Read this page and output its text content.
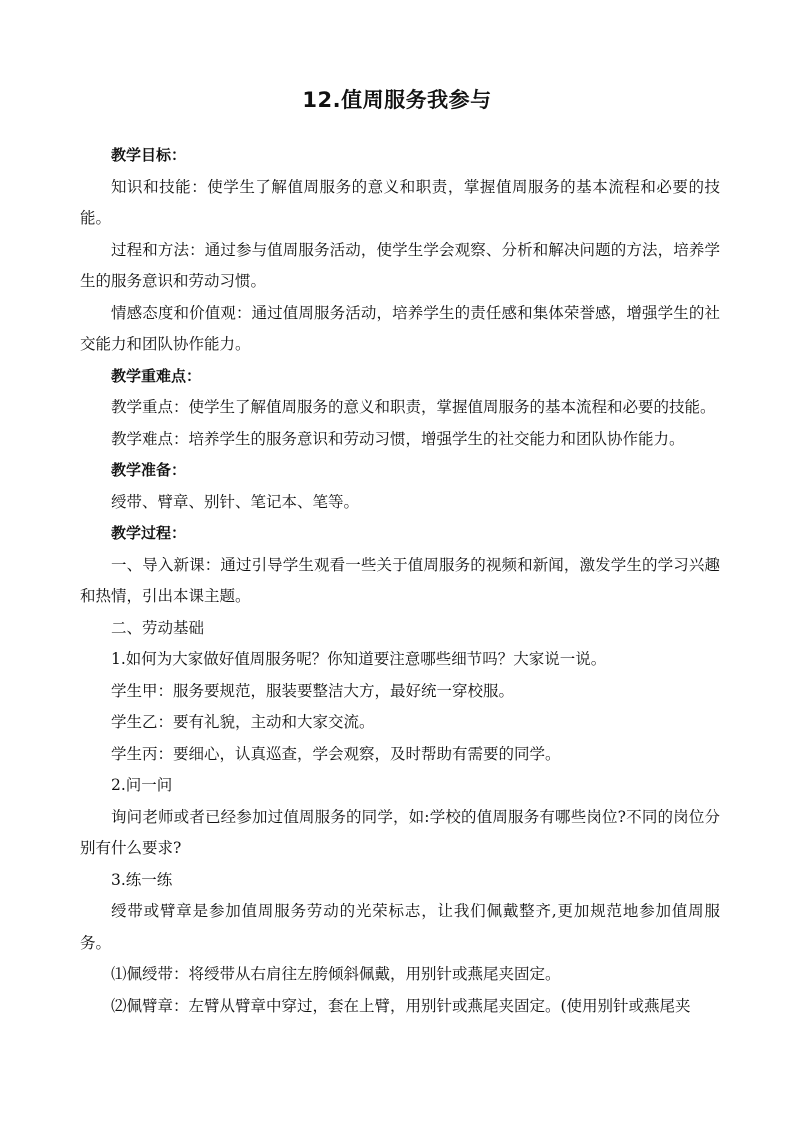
12.值周服务我参与

教学目标：

知识和技能：使学生了解值周服务的意义和职责，掌握值周服务的基本流程和必要的技能。

过程和方法：通过参与值周服务活动，使学生学会观察、分析和解决问题的方法，培养学生的服务意识和劳动习惯。

情感态度和价值观：通过值周服务活动，培养学生的责任感和集体荣誉感，增强学生的社交能力和团队协作能力。

教学重难点：

教学重点：使学生了解值周服务的意义和职责，掌握值周服务的基本流程和必要的技能。

教学难点：培养学生的服务意识和劳动习惯，增强学生的社交能力和团队协作能力。

教学准备：

绶带、臂章、别针、笔记本、笔等。

教学过程：

一、导入新课：通过引导学生观看一些关于值周服务的视频和新闻，激发学生的学习兴趣和热情，引出本课主题。

二、劳动基础

1.如何为大家做好值周服务呢？你知道要注意哪些细节吗？大家说一说。

学生甲：服务要规范，服装要整洁大方，最好统一穿校服。

学生乙：要有礼貌，主动和大家交流。

学生丙：要细心，认真巡查，学会观察，及时帮助有需要的同学。

2.问一问

询问老师或者已经参加过值周服务的同学，如:学校的值周服务有哪些岗位?不同的岗位分别有什么要求?

3.练一练

绶带或臂章是参加值周服务劳动的光荣标志，让我们佩戴整齐,更加规范地参加值周服务。

⑴佩绶带：将绶带从右肩往左胯倾斜佩戴，用别针或燕尾夹固定。

⑵佩臂章：左臂从臂章中穿过，套在上臂，用别针或燕尾夹固定。(使用别针或燕尾夹
